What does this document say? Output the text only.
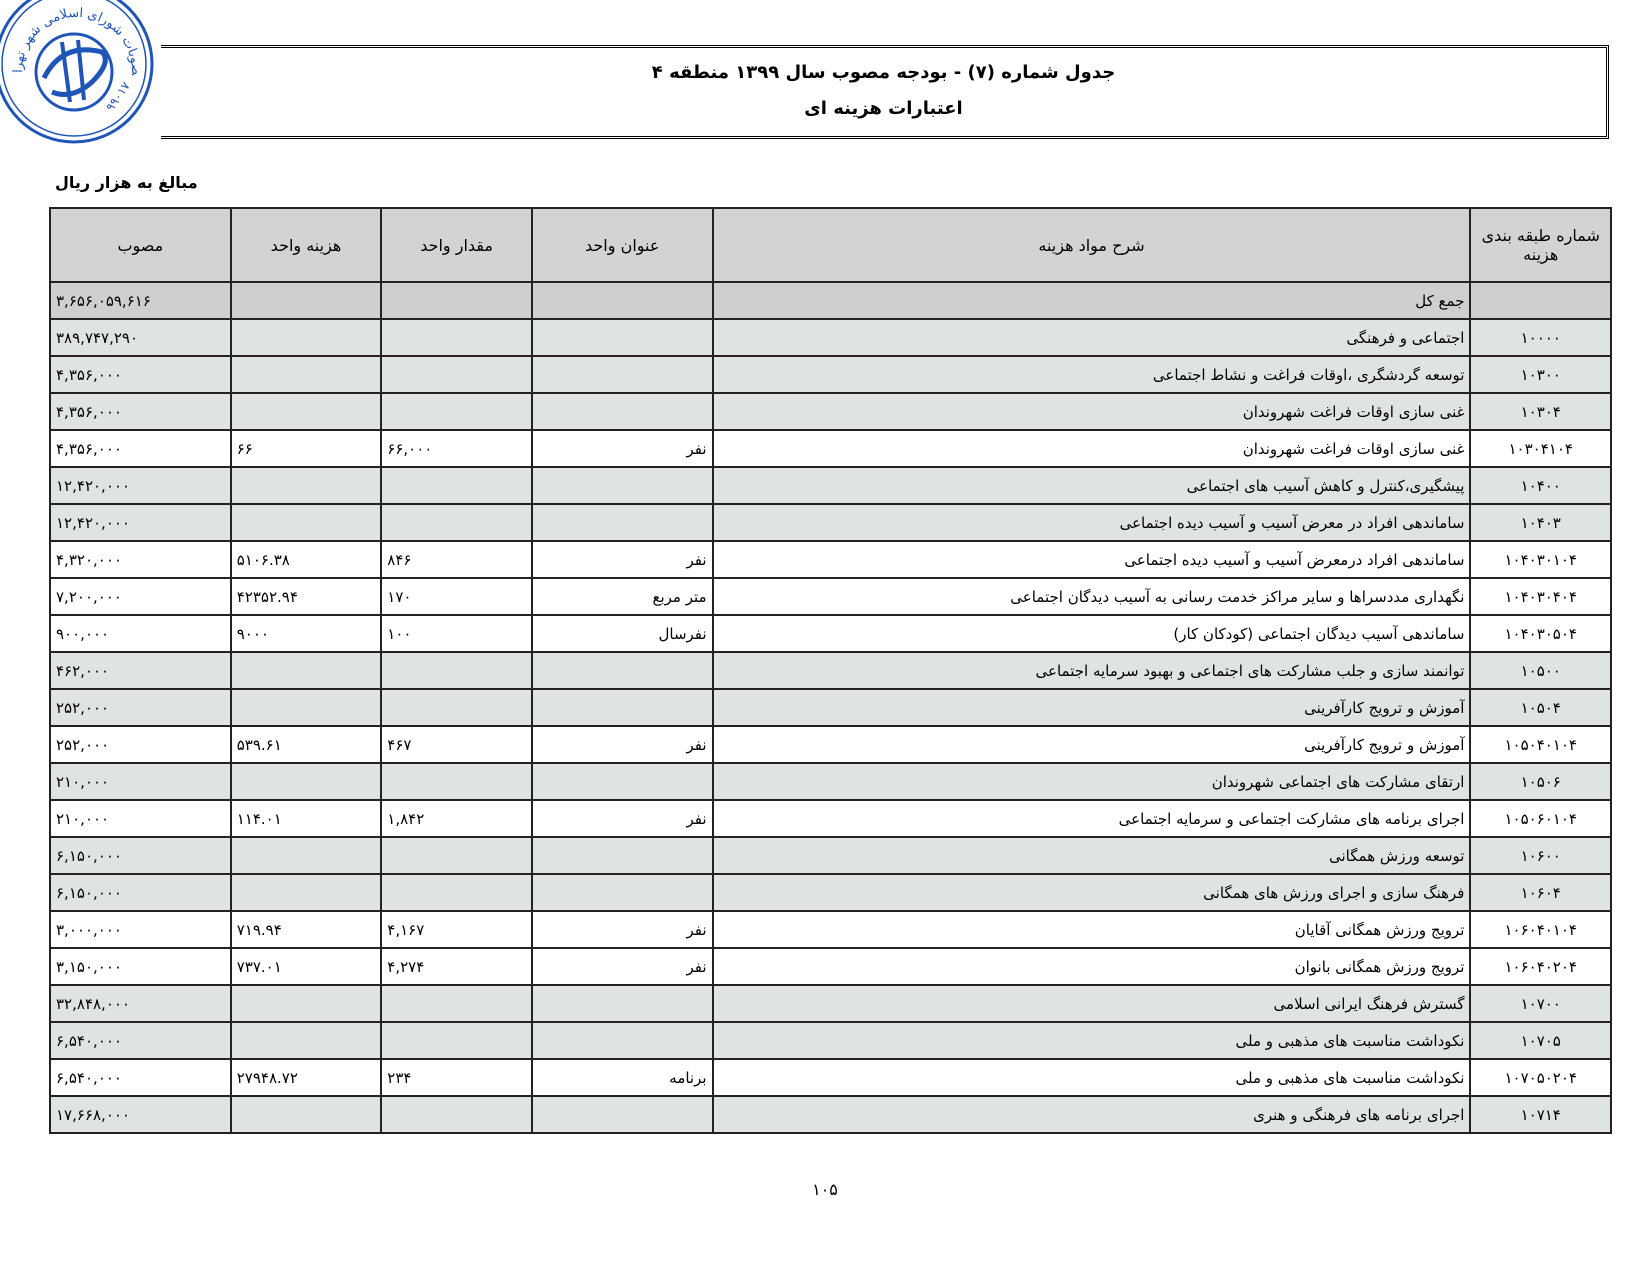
صوبات شورای اسلامی شهر تهرا
۹۹۰۱۷
جدول شماره (۷) - بودجه مصوب سال ۱۳۹۹ منطقه ۴
اعتبارات هزینه ای
مبالغ به هزار ریال
شماره طبقه بندی هزینه	شرح مواد هزینه	عنوان واحد	مقدار واحد	هزینه واحد	مصوب
	جمع کل				۳,۶۵۶,۰۵۹,۶۱۶
۱۰۰۰۰	اجتماعی و فرهنگی				۳۸۹,۷۴۷,۲۹۰
۱۰۳۰۰	توسعه گردشگری ،اوقات فراغت و نشاط اجتماعی				۴,۳۵۶,۰۰۰
۱۰۳۰۴	غنی سازی اوقات فراغت شهروندان				۴,۳۵۶,۰۰۰
۱۰۳۰۴۱۰۴	غنی سازی اوقات فراغت شهروندان	نفر	۶۶,۰۰۰	۶۶	۴,۳۵۶,۰۰۰
۱۰۴۰۰	پیشگیری،کنترل و کاهش آسیب های اجتماعی				۱۲,۴۲۰,۰۰۰
۱۰۴۰۳	ساماندهی افراد در معرض آسیب و آسیب دیده اجتماعی				۱۲,۴۲۰,۰۰۰
۱۰۴۰۳۰۱۰۴	ساماندهی افراد درمعرض آسیب و آسیب دیده اجتماعی	نفر	۸۴۶	۵۱۰۶.۳۸	۴,۳۲۰,۰۰۰
۱۰۴۰۳۰۴۰۴	نگهداری مددسراها و سایر مراکز خدمت رسانی به آسیب دیدگان اجتماعی	متر مربع	۱۷۰	۴۲۳۵۲.۹۴	۷,۲۰۰,۰۰۰
۱۰۴۰۳۰۵۰۴	ساماندهی آسیب دیدگان اجتماعی (کودکان کار)	نفرسال	۱۰۰	۹۰۰۰	۹۰۰,۰۰۰
۱۰۵۰۰	توانمند سازی و جلب مشارکت های اجتماعی و بهبود سرمایه اجتماعی				۴۶۲,۰۰۰
۱۰۵۰۴	آموزش و ترویج کارآفرینی				۲۵۲,۰۰۰
۱۰۵۰۴۰۱۰۴	آموزش و ترویج کارآفرینی	نفر	۴۶۷	۵۳۹.۶۱	۲۵۲,۰۰۰
۱۰۵۰۶	ارتقای مشارکت های اجتماعی شهروندان				۲۱۰,۰۰۰
۱۰۵۰۶۰۱۰۴	اجرای برنامه های مشارکت اجتماعی و سرمایه اجتماعی	نفر	۱,۸۴۲	۱۱۴.۰۱	۲۱۰,۰۰۰
۱۰۶۰۰	توسعه ورزش همگانی				۶,۱۵۰,۰۰۰
۱۰۶۰۴	فرهنگ سازی و اجرای ورزش های همگانی				۶,۱۵۰,۰۰۰
۱۰۶۰۴۰۱۰۴	ترویج ورزش همگانی آقایان	نفر	۴,۱۶۷	۷۱۹.۹۴	۳,۰۰۰,۰۰۰
۱۰۶۰۴۰۲۰۴	ترویج ورزش همگانی بانوان	نفر	۴,۲۷۴	۷۳۷.۰۱	۳,۱۵۰,۰۰۰
۱۰۷۰۰	گسترش فرهنگ ایرانی اسلامی				۳۲,۸۴۸,۰۰۰
۱۰۷۰۵	نکوداشت مناسبت های مذهبی و ملی				۶,۵۴۰,۰۰۰
۱۰۷۰۵۰۲۰۴	نکوداشت مناسبت های مذهبی و ملی	برنامه	۲۳۴	۲۷۹۴۸.۷۲	۶,۵۴۰,۰۰۰
۱۰۷۱۴	اجرای برنامه های فرهنگی و هنری				۱۷,۶۶۸,۰۰۰
۱۰۵
